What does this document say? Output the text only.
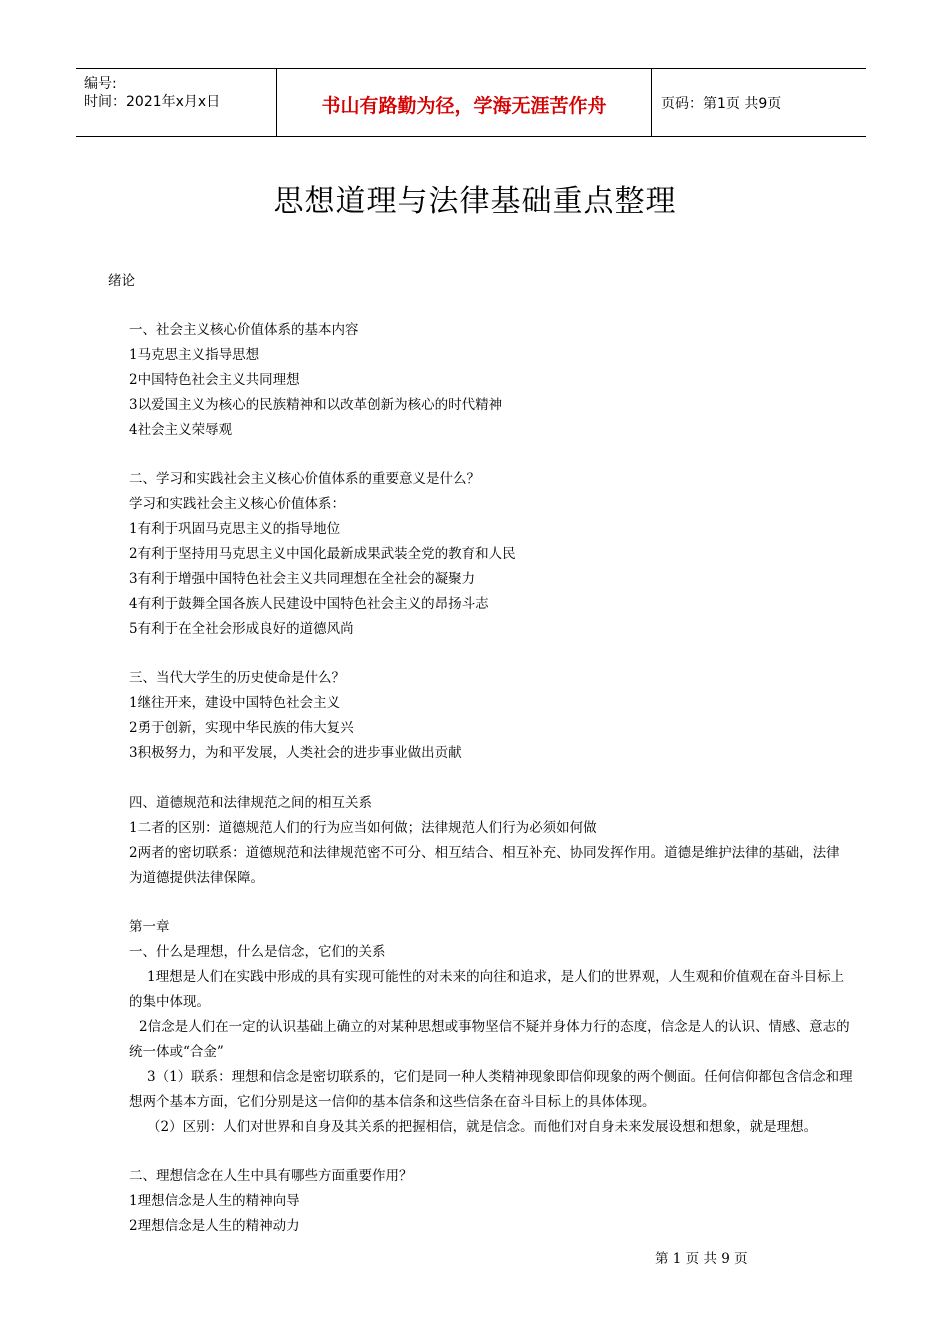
编号:
时间：2021年x月x日	书山有路勤为径，学海无涯苦作舟	页码：第1页 共9页
思想道理与法律基础重点整理
绪论
一、社会主义核心价值体系的基本内容
1马克思主义指导思想
2中国特色社会主义共同理想
3以爱国主义为核心的民族精神和以改革创新为核心的时代精神
4社会主义荣辱观
二、学习和实践社会主义核心价值体系的重要意义是什么？
学习和实践社会主义核心价值体系：
1有利于巩固马克思主义的指导地位
2有利于坚持用马克思主义中国化最新成果武装全党的教育和人民
3有利于增强中国特色社会主义共同理想在全社会的凝聚力
4有利于鼓舞全国各族人民建设中国特色社会主义的昂扬斗志
5有利于在全社会形成良好的道德风尚
三、当代大学生的历史使命是什么？
1继往开来，建设中国特色社会主义
2勇于创新，实现中华民族的伟大复兴
3积极努力，为和平发展，人类社会的进步事业做出贡献
四、道德规范和法律规范之间的相互关系
1二者的区别：道德规范人们的行为应当如何做；法律规范人们行为必须如何做
2两者的密切联系：道德规范和法律规范密不可分、相互结合、相互补充、协同发挥作用。道德是维护法律的基础，法律
为道德提供法律保障。
第一章
一、什么是理想，什么是信念，它们的关系
1理想是人们在实践中形成的具有实现可能性的对未来的向往和追求，是人们的世界观，人生观和价值观在奋斗目标上
的集中体现。
2信念是人们在一定的认识基础上确立的对某种思想或事物坚信不疑并身体力行的态度，信念是人的认识、情感、意志的
统一体或“合金”
3（1）联系：理想和信念是密切联系的，它们是同一种人类精神现象即信仰现象的两个侧面。任何信仰都包含信念和理
想两个基本方面，它们分别是这一信仰的基本信条和这些信条在奋斗目标上的具体体现。
（2）区别：人们对世界和自身及其关系的把握相信，就是信念。而他们对自身未来发展设想和想象，就是理想。
二、理想信念在人生中具有哪些方面重要作用？
1理想信念是人生的精神向导
2理想信念是人生的精神动力
第 1 页 共 9 页
